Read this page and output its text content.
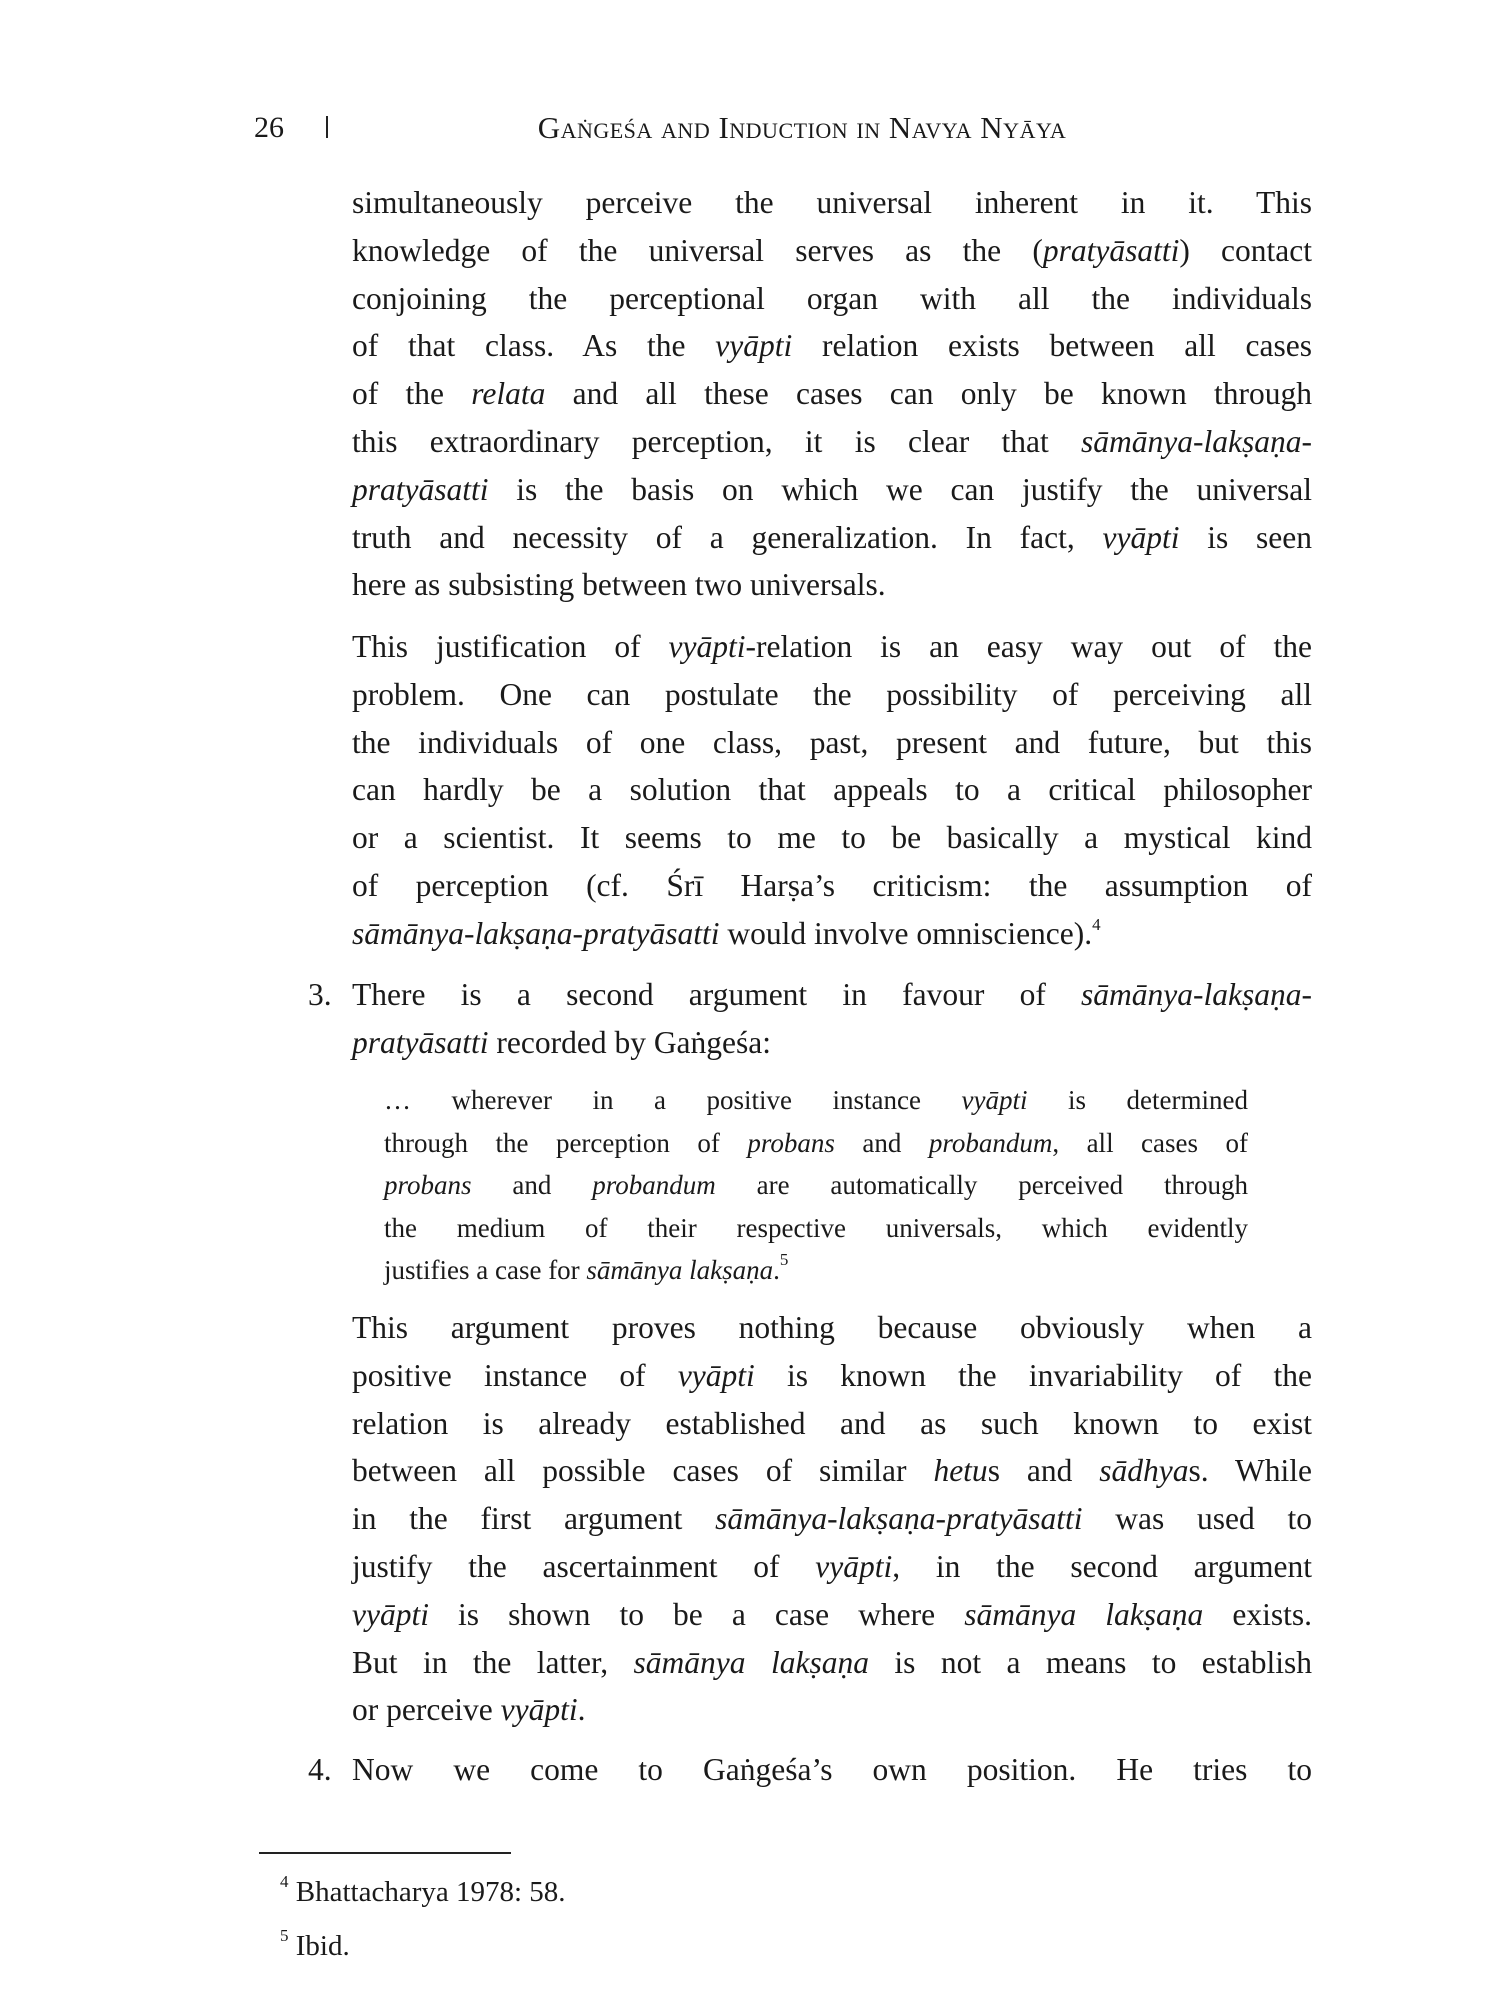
26	Gaṅgeśa and Induction in Navya Nyāya
simultaneously perceive the universal inherent in it. This
knowledge of the universal serves as the (pratyāsatti) contact
conjoining the perceptional organ with all the individuals
of that class. As the vyāpti relation exists between all cases
of the relata and all these cases can only be known through
this extraordinary perception, it is clear that sāmānya-lakṣaṇa-
pratyāsatti is the basis on which we can justify the universal
truth and necessity of a generalization. In fact, vyāpti is seen
here as subsisting between two universals.
This justification of vyāpti-relation is an easy way out of the
problem. One can postulate the possibility of perceiving all
the individuals of one class, past, present and future, but this
can hardly be a solution that appeals to a critical philosopher
or a scientist. It seems to me to be basically a mystical kind
of perception (cf. Śrī Harṣa’s criticism: the assumption of
sāmānya-lakṣaṇa-pratyāsatti would involve omniscience).$^4$
3. There is a second argument in favour of sāmānya-lakṣaṇa-
pratyāsatti recorded by Gaṅgeśa:
… wherever in a positive instance vyāpti is determined
through the perception of probans and probandum, all cases of
probans and probandum are automatically perceived through
the medium of their respective universals, which evidently
justifies a case for sāmānya lakṣaṇa.$^5$
This argument proves nothing because obviously when a
positive instance of vyāpti is known the invariability of the
relation is already established and as such known to exist
between all possible cases of similar hetus and sādhyas. While
in the first argument sāmānya-lakṣaṇa-pratyāsatti was used to
justify the ascertainment of vyāpti, in the second argument
vyāpti is shown to be a case where sāmānya lakṣaṇa exists.
But in the latter, sāmānya lakṣaṇa is not a means to establish
or perceive vyāpti.
4. Now we come to Gaṅgeśa’s own position. He tries to
$^4$ Bhattacharya 1978: 58.
$^5$ Ibid.
